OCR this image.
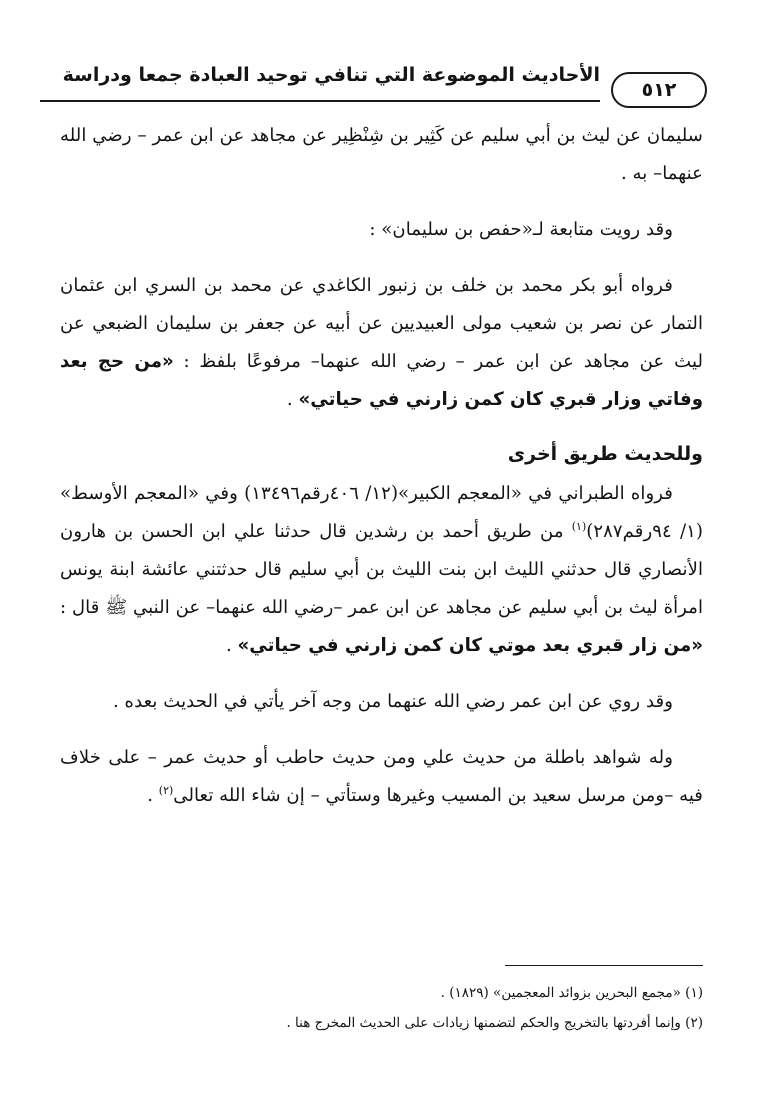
الأحاديث الموضوعة التي تنافي توحيد العبادة جمعا ودراسة
٥١٢

سليمان عن ليث بن أبي سليم عن كَثِير بن شِنْظِير عن مجاهد عن ابن عمر – رضي الله عنهما– به .

وقد رويت متابعة لـ«حفص بن سليمان» :

فرواه أبو بكر محمد بن خلف بن زنبور الكاغدي عن محمد بن السري ابن عثمان التمار عن نصر بن شعيب مولى العبيديين عن أبيه عن جعفر بن سليمان الضبعي عن ليث عن مجاهد عن ابن عمر – رضي الله عنهما– مرفوعًا بلفظ : «من حج بعد وفاتي وزار قبري كان كمن زارني في حياتي» .

وللحديث طريق أخرى

فرواه الطبراني في «المعجم الكبير»(١٢/ ٤٠٦رقم١٣٤٩٦) وفي «المعجم الأوسط» (١/ ٩٤رقم٢٨٧)$^{(١)}$ من طريق أحمد بن رشدين قال حدثنا علي ابن الحسن بن هارون الأنصاري قال حدثني الليث ابن بنت الليث بن أبي سليم قال حدثتني عائشة ابنة يونس امرأة ليث بن أبي سليم عن مجاهد عن ابن عمر –رضي الله عنهما– عن النبي ﷺ قال : «من زار قبري بعد موتي كان كمن زارني في حياتي» .

وقد روي عن ابن عمر رضي الله عنهما من وجه آخر يأتي في الحديث بعده .

وله شواهد باطلة من حديث علي ومن حديث حاطب أو حديث عمر – على خلاف فيه –ومن مرسل سعيد بن المسيب وغيرها وستأتي – إن شاء الله تعالى$^{(٢)}$ .

(١) «مجمع البحرين بزوائد المعجمين» (١٨٢٩) .
(٢) وإنما أفردتها بالتخريج والحكم لتضمنها زيادات على الحديث المخرج هنا .
